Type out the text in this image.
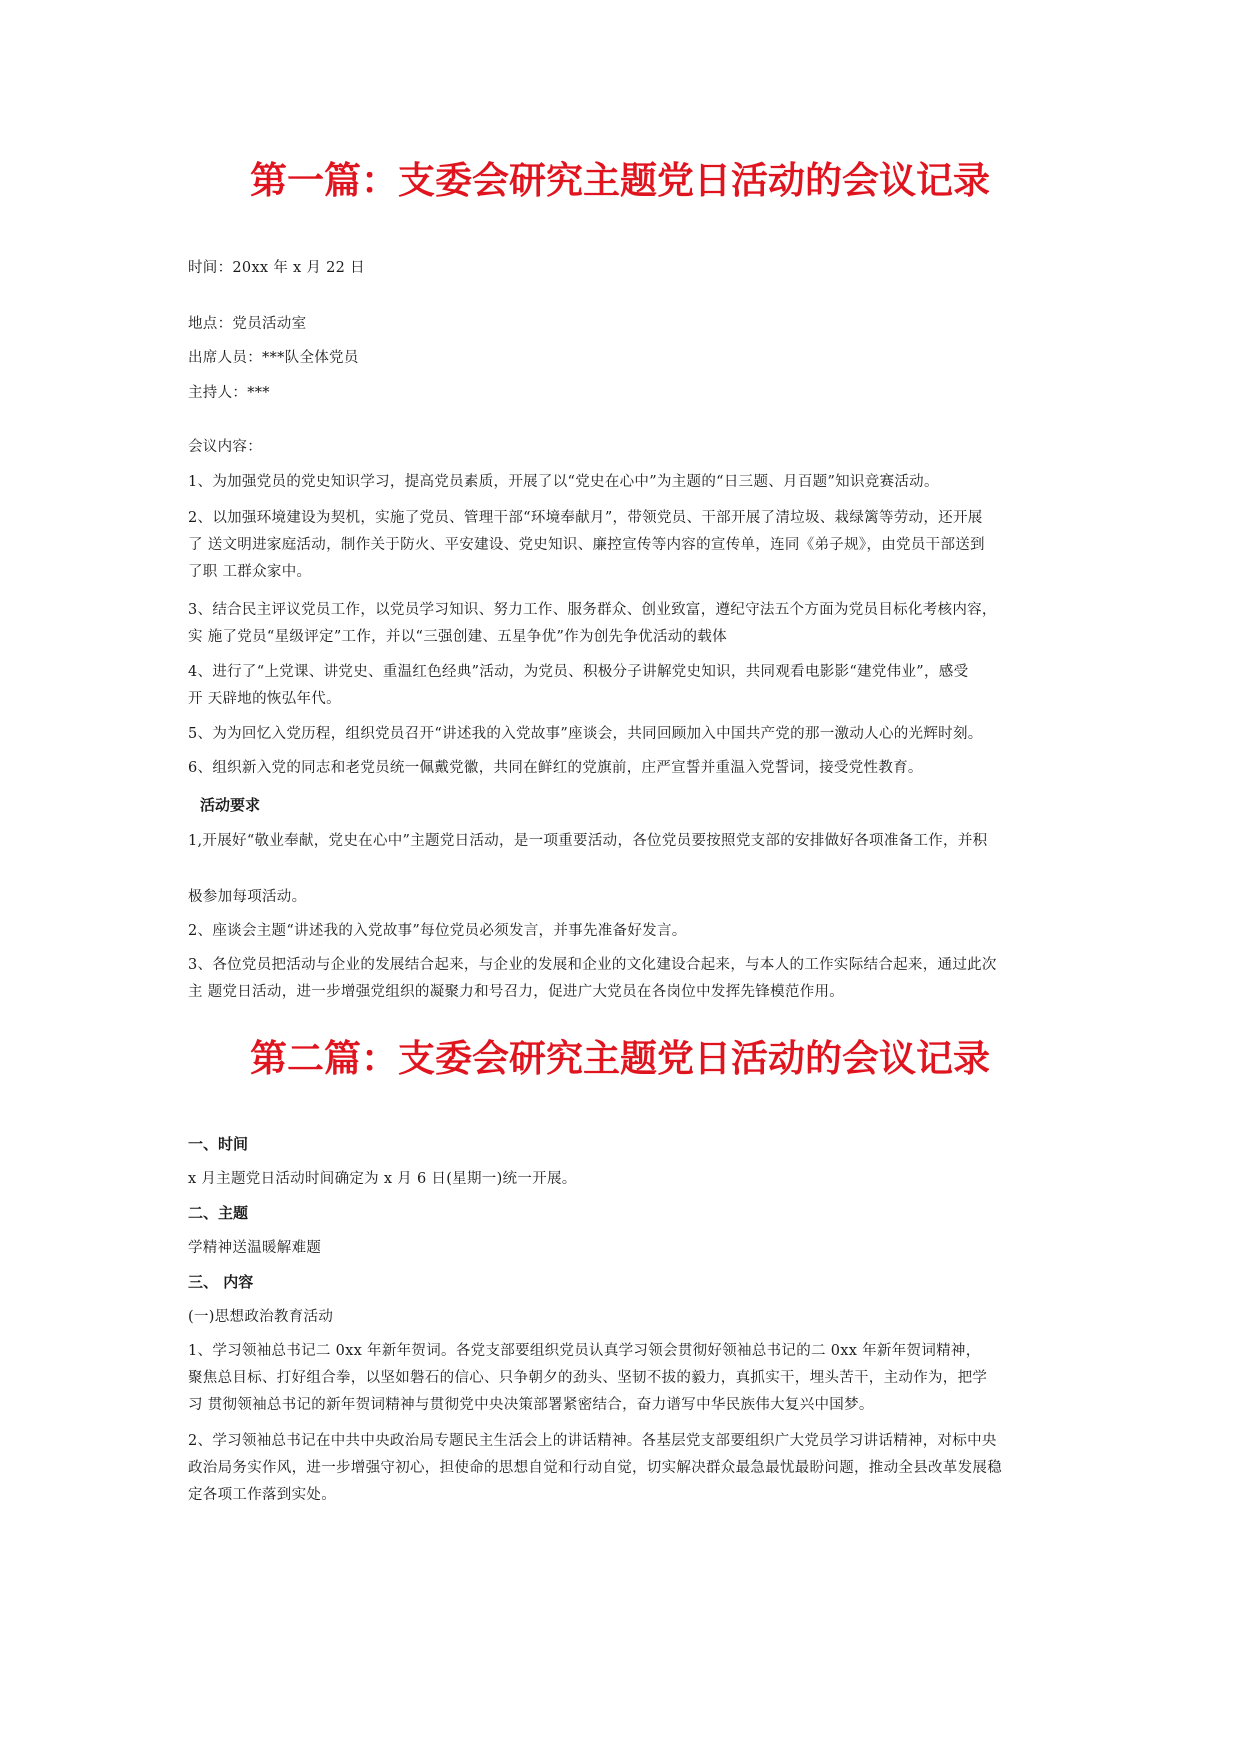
第一篇：支委会研究主题党日活动的会议记录

时间：20xx 年 x 月 22 日

地点：党员活动室

出席人员：***队全体党员

主持人：***

会议内容：

1、为加强党员的党史知识学习，提高党员素质，开展了以“党史在心中”为主题的“日三题、月百题”知识竞赛活动。
2、以加强环境建设为契机，实施了党员、管理干部“环境奉献月”，带领党员、干部开展了清垃圾、栽绿篱等劳动，还开展
了 送文明进家庭活动，制作关于防火、平安建设、党史知识、廉控宣传等内容的宣传单，连同《弟子规》，由党员干部送到
了职 工群众家中。
3、结合民主评议党员工作，以党员学习知识、努力工作、服务群众、创业致富，遵纪守法五个方面为党员目标化考核内容，
实 施了党员“星级评定”工作，并以“三强创建、五星争优”作为创先争优活动的载体
4、进行了“上党课、讲党史、重温红色经典”活动，为党员、积极分子讲解党史知识，共同观看电影影“建党伟业”，感受
开 天辟地的恢弘年代。
5、为为回忆入党历程，组织党员召开“讲述我的入党故事”座谈会，共同回顾加入中国共产党的那一激动人心的光辉时刻。
6、组织新入党的同志和老党员统一佩戴党徽，共同在鲜红的党旗前，庄严宣誓并重温入党誓词，接受党性教育。

活动要求

1,开展好“敬业奉献，党史在心中”主题党日活动，是一项重要活动，各位党员要按照党支部的安排做好各项准备工作，并积

极参加每项活动。

2、座谈会主题“讲述我的入党故事”每位党员必须发言，并事先准备好发言。

3、各位党员把活动与企业的发展结合起来，与企业的发展和企业的文化建设合起来，与本人的工作实际结合起来，通过此次
主 题党日活动，进一步增强党组织的凝聚力和号召力，促进广大党员在各岗位中发挥先锋模范作用。
第二篇：支委会研究主题党日活动的会议记录

一、时间

x 月主题党日活动时间确定为 x 月 6 日(星期一)统一开展。

二、主题

学精神送温暖解难题

三、 内容

(一)思想政治教育活动

1、学习领袖总书记二 0xx 年新年贺词。各党支部要组织党员认真学习领会贯彻好领袖总书记的二 0xx 年新年贺词精神，
聚焦总目标、打好组合拳，以坚如磐石的信心、只争朝夕的劲头、坚韧不拔的毅力，真抓实干，埋头苦干，主动作为，把学
习 贯彻领袖总书记的新年贺词精神与贯彻党中央决策部署紧密结合，奋力谱写中华民族伟大复兴中国梦。
2、学习领袖总书记在中共中央政治局专题民主生活会上的讲话精神。各基层党支部要组织广大党员学习讲话精神，对标中央
政治局务实作风，进一步增强守初心，担使命的思想自觉和行动自觉，切实解决群众最急最忧最盼问题，推动全县改革发展稳
定各项工作落到实处。
